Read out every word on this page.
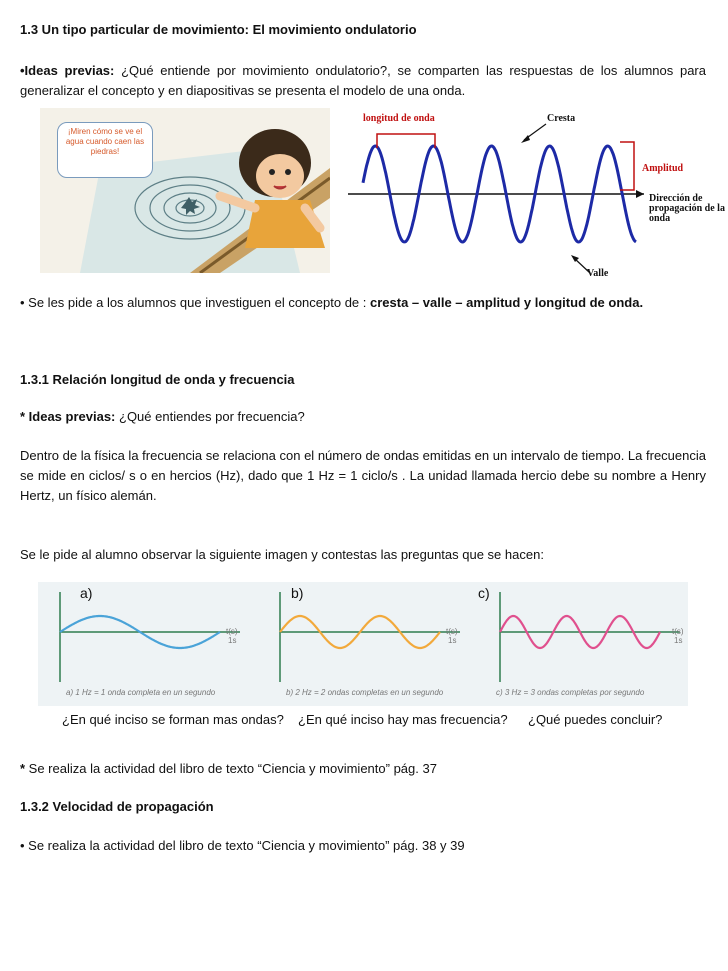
1.3 Un tipo particular de movimiento: El movimiento ondulatorio

•Ideas previas: ¿Qué entiende por movimiento ondulatorio?, se comparten las respuestas de los alumnos para generalizar el concepto y en diapositivas se presenta el modelo de una onda.

¡Miren cómo se ve el agua cuando caen las piedras!
longitud de onda	Cresta
Amplitud
Dirección de propagación de la onda
Valle

• Se les pide a los alumnos que investiguen el concepto de : cresta – valle – amplitud y longitud de onda.

1.3.1 Relación longitud de onda y frecuencia

* Ideas previas: ¿Qué entiendes por frecuencia?

Dentro de la física la frecuencia se relaciona con el número de ondas emitidas en un intervalo de tiempo. La frecuencia se mide en ciclos/ s o en hercios (Hz), dado que 1 Hz = 1 ciclo/s . La unidad llamada hercio debe su nombre a Henry Hertz, un físico alemán.

Se le pide al alumno observar la siguiente imagen y contestas las preguntas que se hacen:

a)	b)	c)
a) 1 Hz = 1 onda completa en un segundo	b) 2 Hz = 2 ondas completas en un segundo	c) 3 Hz = 3 ondas completas por segundo
t(s)
1s
t(s)
1s
t(s)
1s
¿En qué inciso se forman mas ondas? ¿En qué inciso hay mas frecuencia? ¿Qué puedes concluir?

* Se realiza la actividad del libro de texto “Ciencia y movimiento” pág. 37

1.3.2 Velocidad de propagación

• Se realiza la actividad del libro de texto “Ciencia y movimiento” pág. 38 y 39
